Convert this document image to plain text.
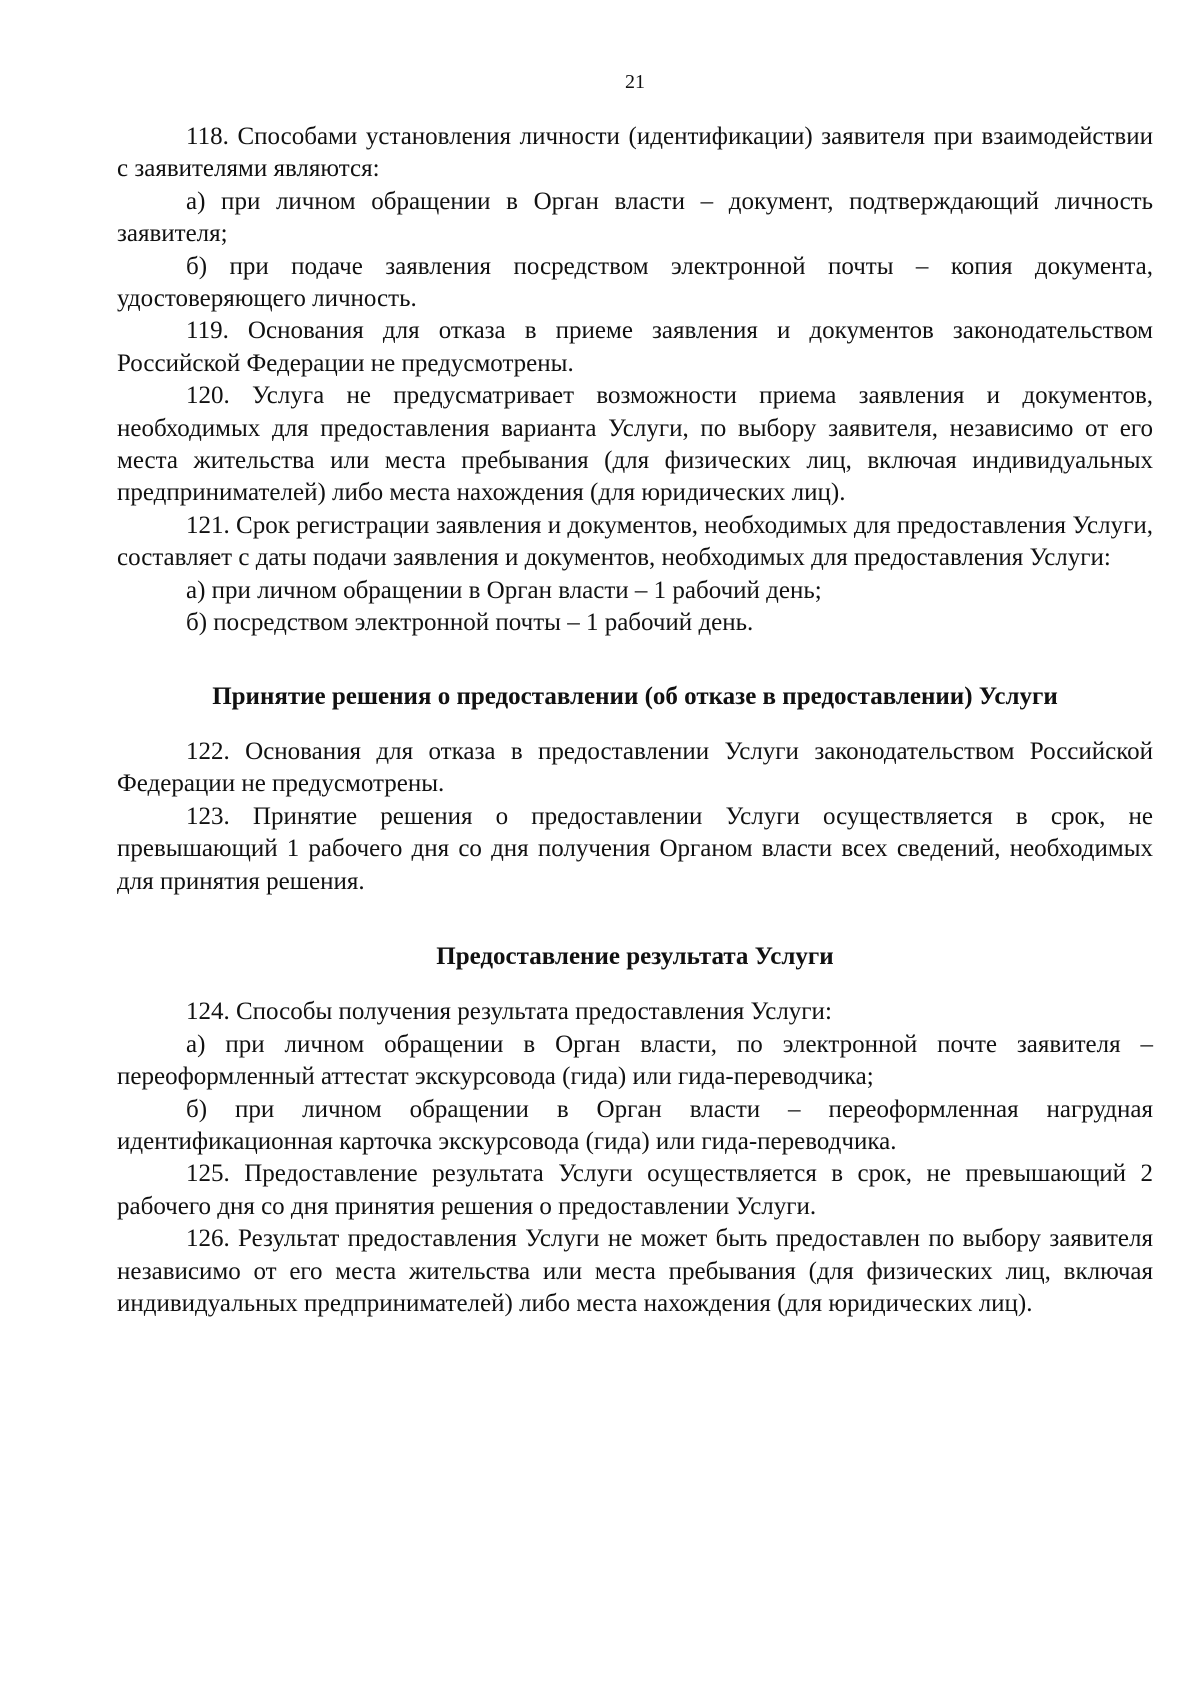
21

118. Способами установления личности (идентификации) заявителя при взаимодействии с заявителями являются:

а) при личном обращении в Орган власти – документ, подтверждающий личность заявителя;

б) при подаче заявления посредством электронной почты – копия документа, удостоверяющего личность.

119. Основания для отказа в приеме заявления и документов законодательством Российской Федерации не предусмотрены.

120. Услуга не предусматривает возможности приема заявления и документов, необходимых для предоставления варианта Услуги, по выбору заявителя, независимо от его места жительства или места пребывания (для физических лиц, включая индивидуальных предпринимателей) либо места нахождения (для юридических лиц).

121. Срок регистрации заявления и документов, необходимых для предоставления Услуги, составляет с даты подачи заявления и документов, необходимых для предоставления Услуги:

а) при личном обращении в Орган власти – 1 рабочий день;

б) посредством электронной почты – 1 рабочий день.

Принятие решения о предоставлении (об отказе в предоставлении) Услуги

122. Основания для отказа в предоставлении Услуги законодательством Российской Федерации не предусмотрены.

123. Принятие решения о предоставлении Услуги осуществляется в срок, не превышающий 1 рабочего дня со дня получения Органом власти всех сведений, необходимых для принятия решения.

Предоставление результата Услуги

124. Способы получения результата предоставления Услуги:

а) при личном обращении в Орган власти, по электронной почте заявителя – переоформленный аттестат экскурсовода (гида) или гида-переводчика;

б) при личном обращении в Орган власти – переоформленная нагрудная идентификационная карточка экскурсовода (гида) или гида-переводчика.

125. Предоставление результата Услуги осуществляется в срок, не превышающий 2 рабочего дня со дня принятия решения о предоставлении Услуги.

126. Результат предоставления Услуги не может быть предоставлен по выбору заявителя независимо от его места жительства или места пребывания (для физических лиц, включая индивидуальных предпринимателей) либо места нахождения (для юридических лиц).
